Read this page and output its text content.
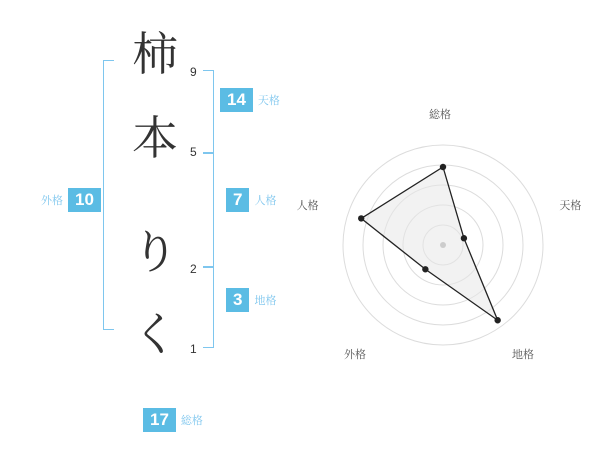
柿
本
り
く
9
5
2
1
14	天格
7	人格
3	地格
外格 10
17	総格
総格
天格
地格
外格
人格
